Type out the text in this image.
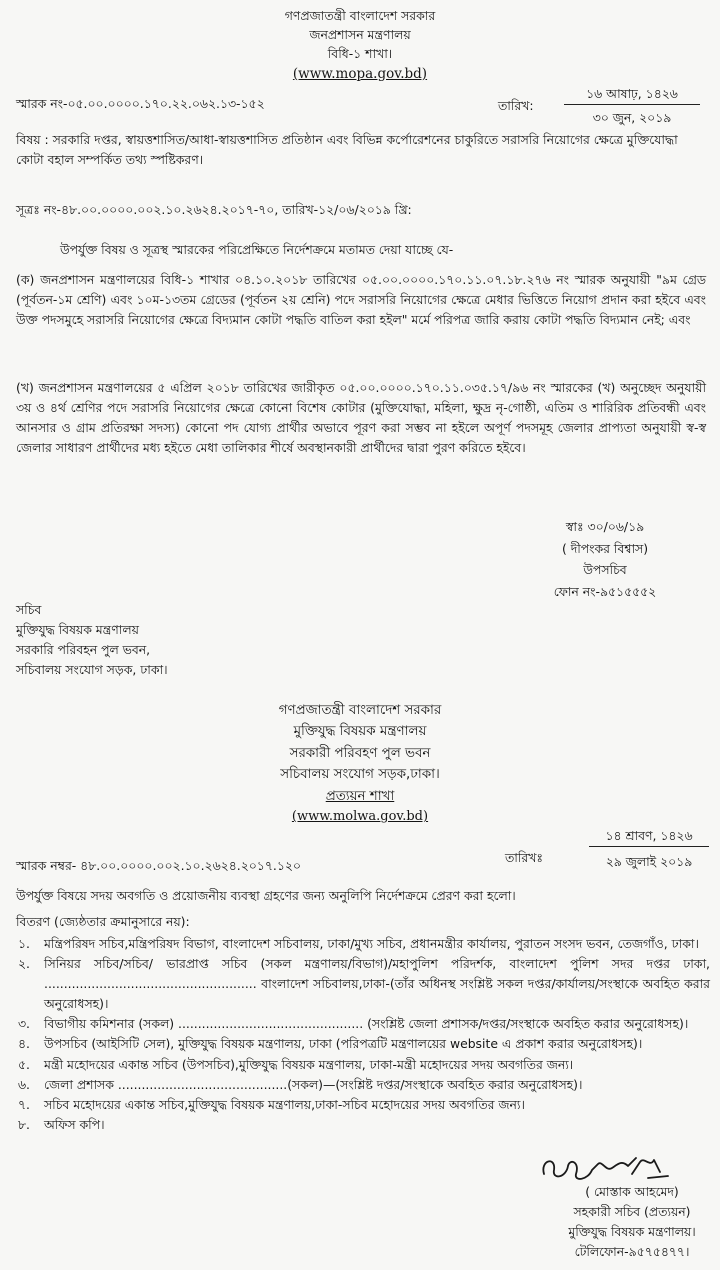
গণপ্রজাতন্ত্রী বাংলাদেশ সরকার
জনপ্রশাসন মন্ত্রণালয়
বিধি-১ শাখা।
(www.mopa.gov.bd)
স্মারক নং-০৫.০০.০০০০.১৭০.২২.০৬২.১৩-১৫২	তারিখ:
১৬ আষাঢ়, ১৪২৬
৩০ জুন, ২০১৯
বিষয় : সরকারি দপ্তর, স্বায়ত্তশাসিত/আধা-স্বায়ত্তশাসিত প্রতিষ্ঠান এবং বিভিন্ন কর্পোরেশনের চাকুরিতে সরাসরি নিয়োগের ক্ষেত্রে মুক্তিযোদ্ধা কোটা বহাল সম্পর্কিত তথ্য স্পষ্টিকরণ।
সূত্রঃ নং-৪৮.০০.০০০০.০০২.১০.২৬২৪.২০১৭-৭০, তারিখ-১২/০৬/২০১৯ খ্রি:
উপর্যুক্ত বিষয় ও সূত্রস্থ স্মারকের পরিপ্রেক্ষিতে নির্দেশক্রমে মতামত দেয়া যাচ্ছে যে-
(ক) জনপ্রশাসন মন্ত্রণালয়ের বিধি-১ শাখার ০৪.১০.২০১৮ তারিখের ০৫.০০.০০০০.১৭০.১১.০৭.১৮.২৭৬ নং স্মারক অনুযায়ী "৯ম গ্রেড (পূর্বতন-১ম শ্রেণি) এবং ১০ম-১৩তম গ্রেডের (পূর্বতন ২য় শ্রেনি) পদে সরাসরি নিয়োগের ক্ষেত্রে মেধার ভিত্তিতে নিয়োগ প্রদান করা হইবে এবং উক্ত পদসমুহে সরাসরি নিয়োগের ক্ষেত্রে বিদ্যমান কোটা পদ্ধতি বাতিল করা হইল" মর্মে পরিপত্র জারি করায় কোটা পদ্ধতি বিদ্যমান নেই; এবং
(খ) জনপ্রশাসন মন্ত্রণালয়ের ৫ এপ্রিল ২০১৮ তারিখের জারীকৃত ০৫.০০.০০০০.১৭০.১১.০৩৫.১৭/৯৬ নং স্মারকের (খ) অনুচ্ছেদ অনুযায়ী ৩য় ও ৪র্থ শ্রেণির পদে সরাসরি নিয়োগের ক্ষেত্রে কোনো বিশেষ কোটার (মুক্তিযোদ্ধা, মহিলা, ক্ষুদ্র নৃ-গোষ্ঠী, এতিম ও শারিরিক প্রতিবন্ধী এবং আনসার ও গ্রাম প্রতিরক্ষা সদস্য) কোনো পদ যোগ্য প্রার্থীর অভাবে পূরণ করা সম্ভব না হইলে অপূর্ণ পদসমূহ জেলার প্রাপ্যতা অনুযায়ী স্ব-স্ব জেলার সাধারণ প্রার্থীদের মধ্য হইতে মেধা তালিকার শীর্ষে অবস্থানকারী প্রার্থীদের দ্বারা পুরণ করিতে হইবে।
স্বাঃ ৩০/০৬/১৯
( দীপংকর বিশ্বাস)
উপসচিব
ফোন নং-৯৫১৫৫৫২
সচিব
মুক্তিযুদ্ধ বিষয়ক মন্ত্রণালয়
সরকারি পরিবহন পুল ভবন,
সচিবালয় সংযোগ সড়ক, ঢাকা।
গণপ্রজাতন্ত্রী বাংলাদেশ সরকার
মুক্তিযুদ্ধ বিষয়ক মন্ত্রণালয়
সরকারী পরিবহণ পুল ভবন
সচিবালয় সংযোগ সড়ক,ঢাকা।
প্রত্যয়ন শাখা
(www.molwa.gov.bd)
১৪ শ্রাবণ, ১৪২৬
তারিখঃ	২৯ জুলাই ২০১৯
স্মারক নম্বর- ৪৮.০০.০০০০.০০২.১০.২৬২৪.২০১৭.১২০
উপর্যুক্ত বিষয়ে সদয় অবগতি ও প্রয়োজনীয় ব্যবস্থা গ্রহণের জন্য অনুলিপি নির্দেশক্রমে প্রেরণ করা হলো।
বিতরণ (জ্যেষ্ঠতার ক্রমানুসারে নয়):
১. মন্ত্রিপরিষদ সচিব,মন্ত্রিপরিষদ বিভাগ, বাংলাদেশ সচিবালয়, ঢাকা/মুখ্য সচিব, প্রধানমন্ত্রীর কার্যালয়, পুরাতন সংসদ ভবন, তেজগাঁও, ঢাকা।
২. সিনিয়র সচিব/সচিব/ ভারপ্রাপ্ত সচিব (সকল মন্ত্রণালয়/বিভাগ)/মহাপুলিশ পরিদর্শক, বাংলাদেশ পুলিশ সদর দপ্তর ঢাকা, ...................................................... বাংলাদেশ সচিবালয়,ঢাকা-(তাঁর অধিনস্থ সংশ্লিষ্ট সকল দপ্তর/কার্যালয়/সংস্থাকে অবহিত করার অনুরোধসহ)।
৩. বিভাগীয় কমিশনার (সকল) ............................................... (সংশ্লিষ্ট জেলা প্রশাসক/দপ্তর/সংস্থাকে অবহিত করার অনুরোধসহ)।
৪. উপসচিব (আইসিটি সেল), মুক্তিযুদ্ধ বিষয়ক মন্ত্রণালয়, ঢাকা (পরিপত্রটি মন্ত্রণালয়ের website এ প্রকাশ করার অনুরোধসহ)।
৫. মন্ত্রী মহোদয়ের একান্ত সচিব (উপসচিব),মুক্তিযুদ্ধ বিষয়ক মন্ত্রণালয়, ঢাকা-মন্ত্রী মহোদয়ের সদয় অবগতির জন্য।
৬. জেলা প্রশাসক ...........................................(সকল)—(সংশ্লিষ্ট দপ্তর/সংস্থাকে অবহিত করার অনুরোধসহ)।
৭. সচিব মহোদয়ের একান্ত সচিব,মুক্তিযুদ্ধ বিষয়ক মন্ত্রণালয়,ঢাকা-সচিব মহোদয়ের সদয় অবগতির জন্য।
৮. অফিস কপি।
( মোস্তাক আহমেদ)
সহকারী সচিব (প্রত্যয়ন)
মুক্তিযুদ্ধ বিষয়ক মন্ত্রণালয়।
টেলিফোন-৯৫৭৫৪৭৭।
